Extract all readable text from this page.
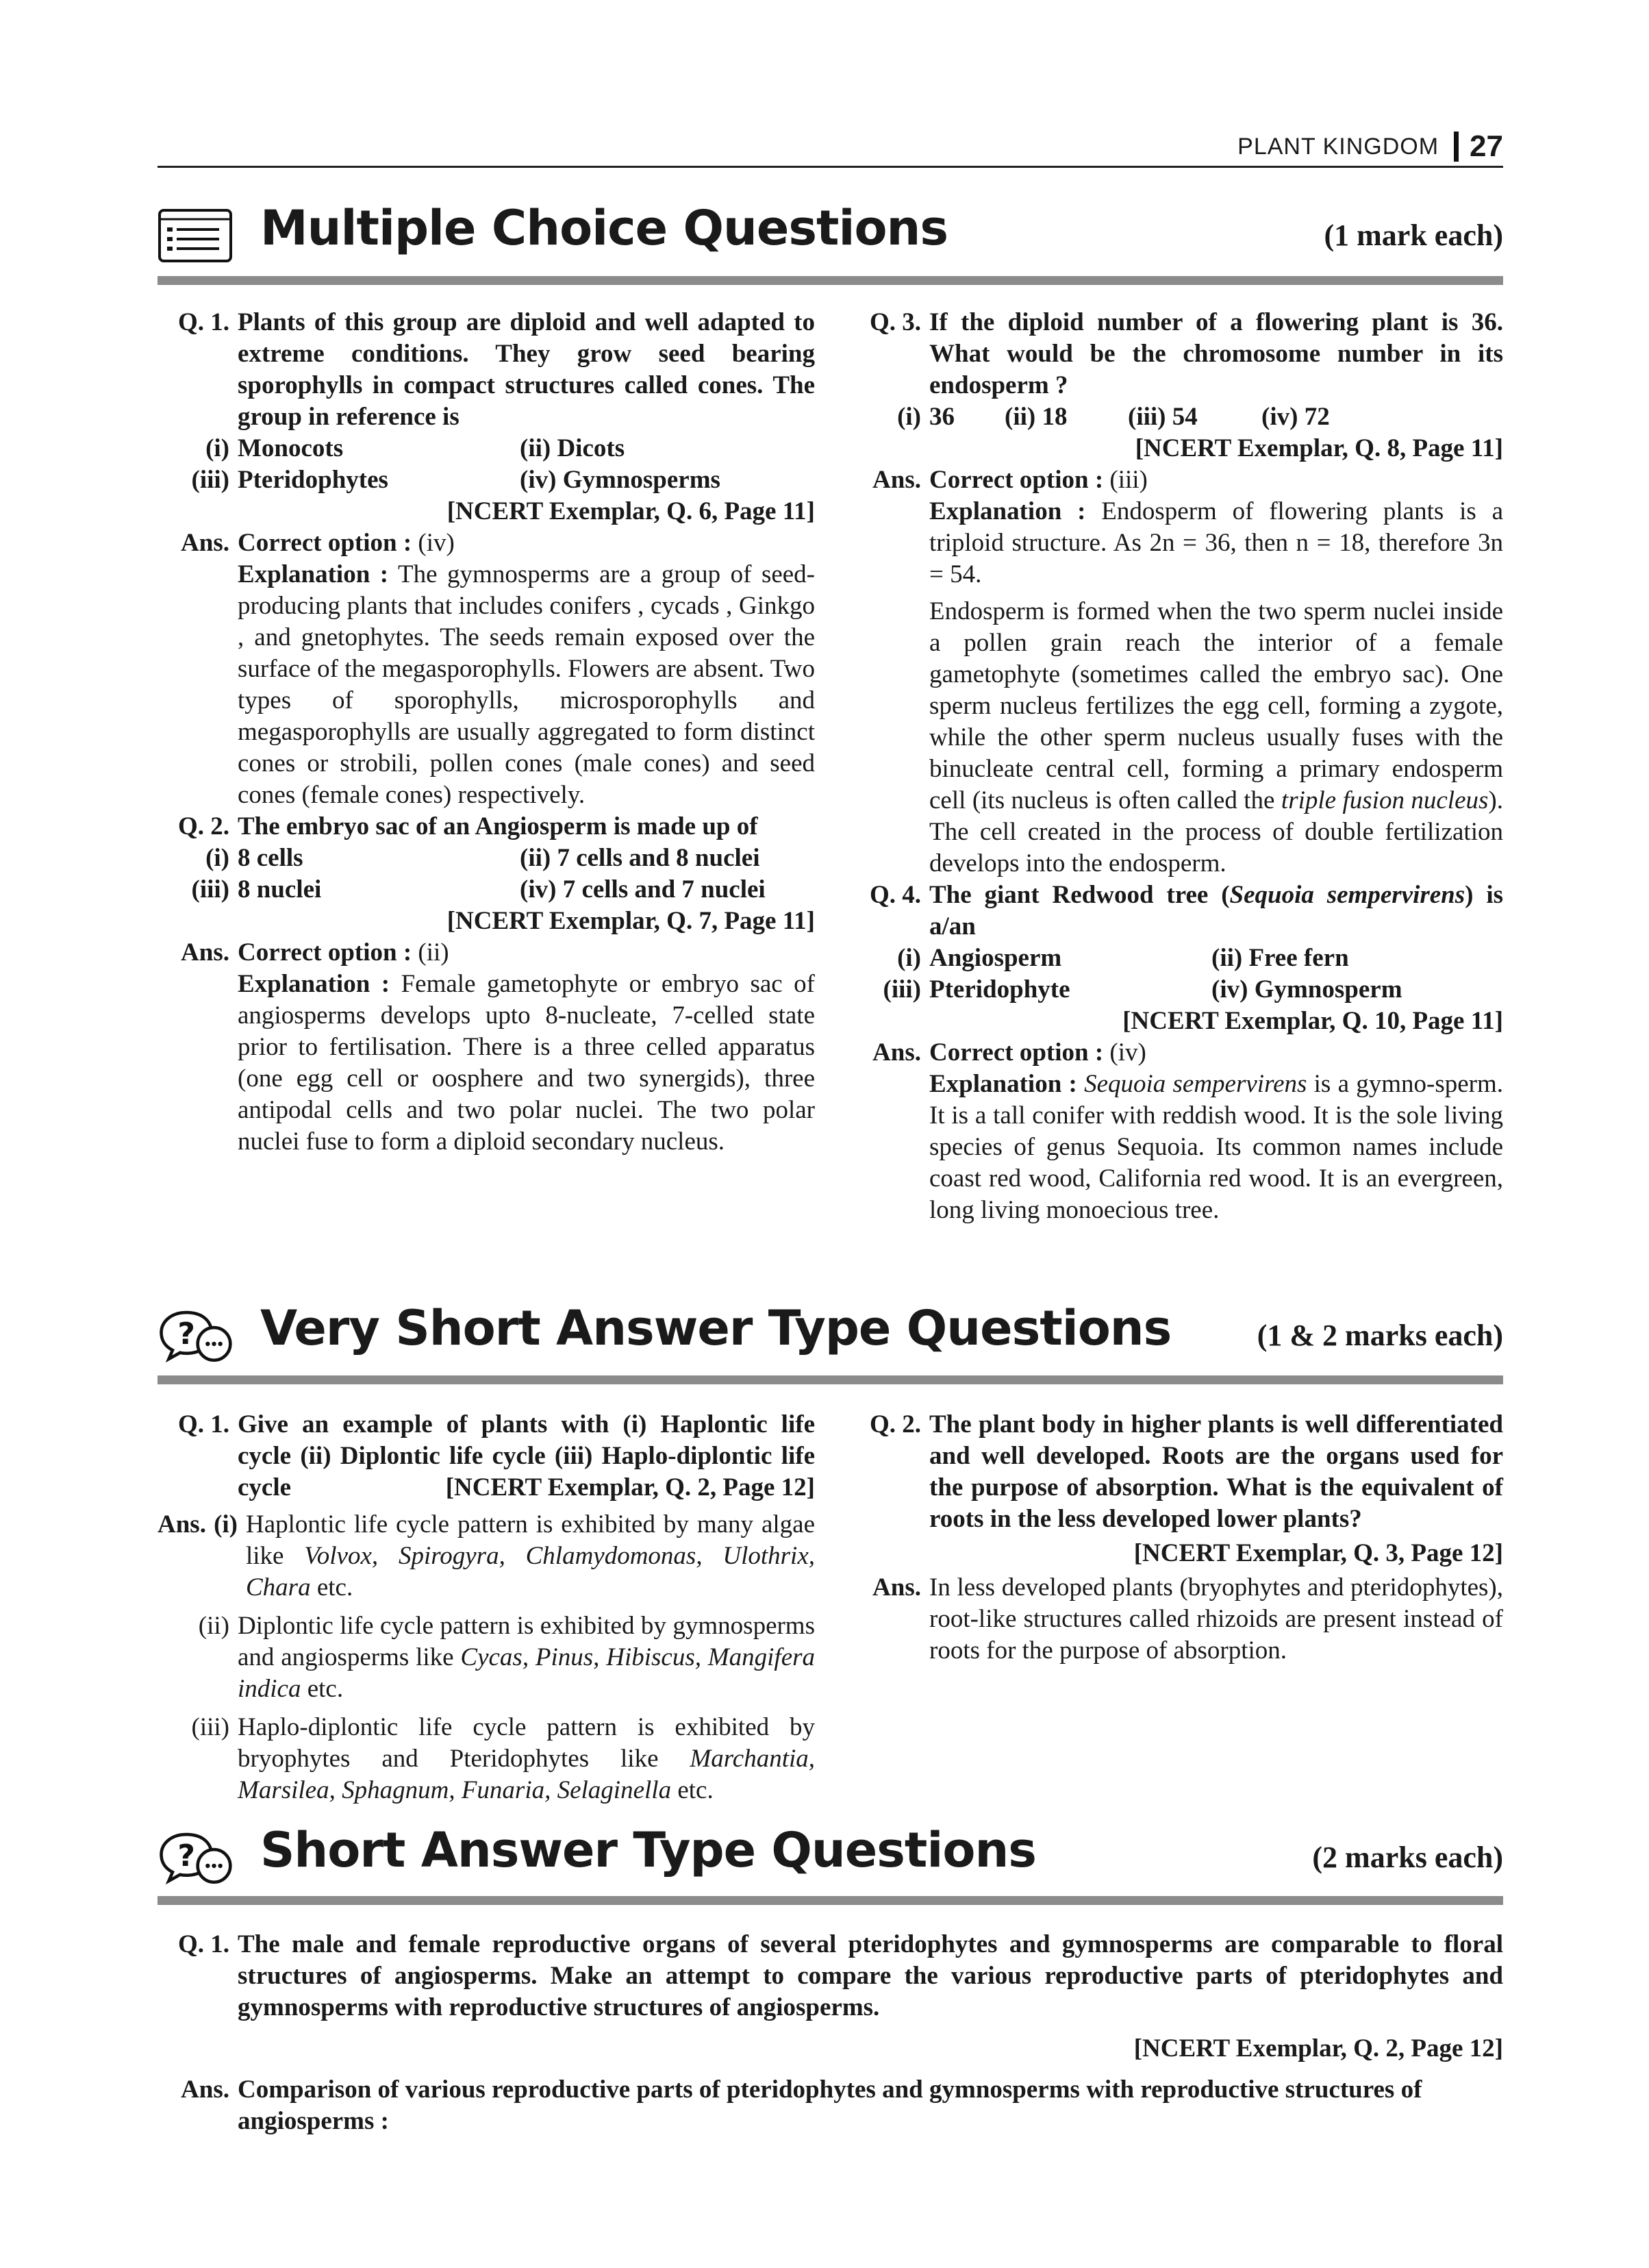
PLANT KINGDOM 27
Multiple Choice Questions	(1 mark each)
Q. 1. Plants of this group are diploid and well adapted to extreme conditions. They grow seed bearing sporophylls in compact structures called cones. The group in reference is
(i) Monocots	(ii) Dicots
(iii) Pteridophytes	(iv) Gymnosperms
[NCERT Exemplar, Q. 6, Page 11]
Ans. Correct option : (iv)
Explanation : The gymnosperms are a group of seed-producing plants that includes conifers , cycads , Ginkgo , and gnetophytes. The seeds remain exposed over the surface of the megasporophylls. Flowers are absent. Two types of sporophylls, microsporophylls and megasporophylls are usually aggregated to form distinct cones or strobili, pollen cones (male cones) and seed cones (female cones) respectively.
Q. 2. The embryo sac of an Angiosperm is made up of
(i) 8 cells	(ii) 7 cells and 8 nuclei
(iii) 8 nuclei	(iv) 7 cells and 7 nuclei
[NCERT Exemplar, Q. 7, Page 11]
Ans. Correct option : (ii)
Explanation : Female gametophyte or embryo sac of angiosperms develops upto 8-nucleate, 7-celled state prior to fertilisation. There is a three celled apparatus (one egg cell or oosphere and two synergids), three antipodal cells and two polar nuclei. The two polar nuclei fuse to form a diploid secondary nucleus.
Q. 3. If the diploid number of a flowering plant is 36. What would be the chromosome number in its endosperm ?
(i) 36	(ii) 18	(iii) 54	(iv) 72
[NCERT Exemplar, Q. 8, Page 11]
Ans. Correct option : (iii)
Explanation : Endosperm of flowering plants is a triploid structure. As 2n = 36, then n = 18, therefore 3n = 54.
Endosperm is formed when the two sperm nuclei inside a pollen grain reach the interior of a female gametophyte (sometimes called the embryo sac). One sperm nucleus fertilizes the egg cell, forming a zygote, while the other sperm nucleus usually fuses with the binucleate central cell, forming a primary endosperm cell (its nucleus is often called the triple fusion nucleus). The cell created in the process of double fertilization develops into the endosperm.
Q. 4. The giant Redwood tree (Sequoia sempervirens) is a/an
(i) Angiosperm	(ii) Free fern
(iii) Pteridophyte	(iv) Gymnosperm
[NCERT Exemplar, Q. 10, Page 11]
Ans. Correct option : (iv)
Explanation : Sequoia sempervirens is a gymno-sperm. It is a tall conifer with reddish wood. It is the sole living species of genus Sequoia. Its common names include coast red wood, California red wood. It is an evergreen, long living monoecious tree.
? Very Short Answer Type Questions	(1 & 2 marks each)
Q. 1. Give an example of plants with (i) Haplontic life cycle (ii) Diplontic life cycle (iii) Haplo-diplontic life cycle	[NCERT Exemplar, Q. 2, Page 12]
Ans. (i) Haplontic life cycle pattern is exhibited by many algae like Volvox, Spirogyra, Chlamydomonas, Ulothrix, Chara etc.
(ii) Diplontic life cycle pattern is exhibited by gymnosperms and angiosperms like Cycas, Pinus, Hibiscus, Mangifera indica etc.
(iii) Haplo-diplontic life cycle pattern is exhibited by bryophytes and Pteridophytes like Marchantia, Marsilea, Sphagnum, Funaria, Selaginella etc.
Q. 2. The plant body in higher plants is well differentiated and well developed. Roots are the organs used for the purpose of absorption. What is the equivalent of roots in the less developed lower plants?
[NCERT Exemplar, Q. 3, Page 12]
Ans. In less developed plants (bryophytes and pteridophytes), root-like structures called rhizoids are present instead of roots for the purpose of absorption.
? Short Answer Type Questions	(2 marks each)
Q. 1. The male and female reproductive organs of several pteridophytes and gymnosperms are comparable to floral structures of angiosperms. Make an attempt to compare the various reproductive parts of pteridophytes and gymnosperms with reproductive structures of angiosperms.
[NCERT Exemplar, Q. 2, Page 12]
Ans. Comparison of various reproductive parts of pteridophytes and gymnosperms with reproductive structures of angiosperms :
